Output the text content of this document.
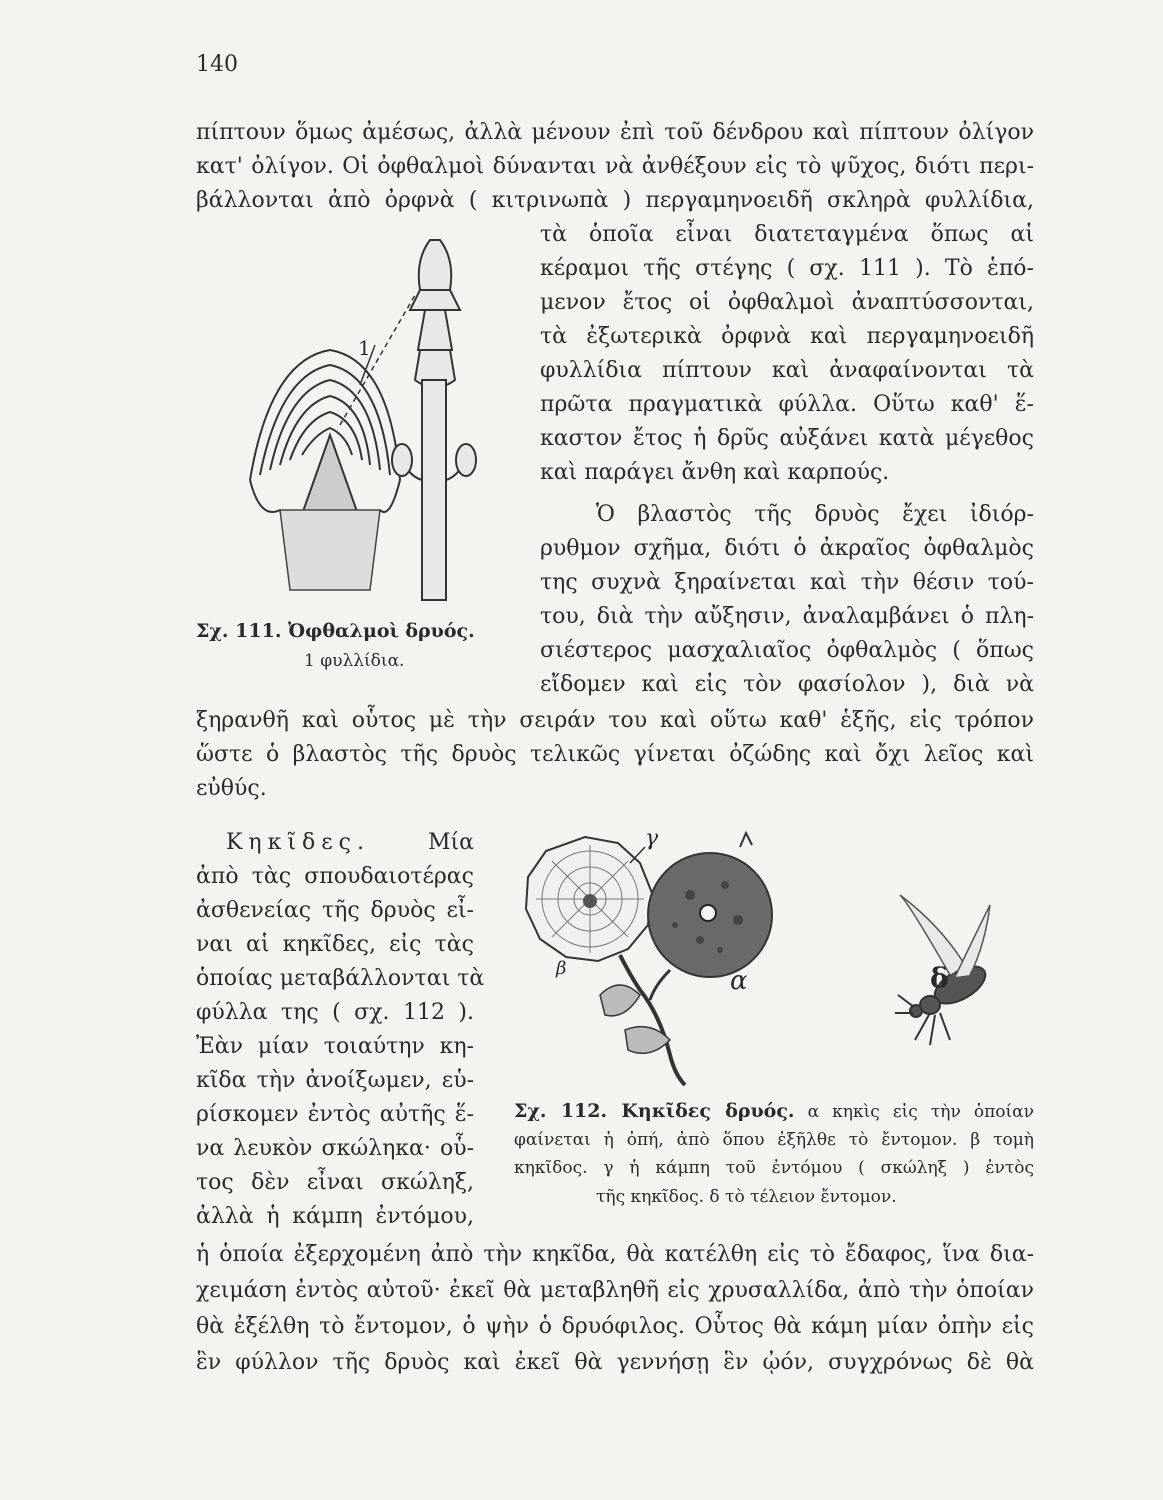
140
πίπτουν ὅμως ἀμέσως, ἀλλὰ μένουν ἐπὶ τοῦ δένδρου καὶ πίπτουν ὀλίγον
κατ' ὀλίγον. Οἱ ὀφθαλμοὶ δύνανται νὰ ἀνθέξουν εἰς τὸ ψῦχος, διότι περι-
βάλλονται ἀπὸ ὀρφνὰ ( κιτρινωπὰ ) περγαμηνοειδῆ σκληρὰ φυλλίδια,
τὰ ὁποῖα εἶναι διατεταγμένα ὅπως αἱ
κέραμοι τῆς στέγης ( σχ. 111 ). Τὸ ἑπό-
μενον ἔτος οἱ ὀφθαλμοὶ ἀναπτύσσονται,
τὰ ἐξωτερικὰ ὀρφνὰ καὶ περγαμηνοειδῆ
φυλλίδια πίπτουν καὶ ἀναφαίνονται τὰ
πρῶτα πραγματικὰ φύλλα. Οὕτω καθ' ἕ-
καστον ἔτος ἡ δρῦς αὐξάνει κατὰ μέγεθος
καὶ παράγει ἄνθη καὶ καρπούς.
Ὁ βλαστὸς τῆς δρυὸς ἔχει ἰδιόρ-
ρυθμον σχῆμα, διότι ὁ ἀκραῖος ὀφθαλμὸς
της συχνὰ ξηραίνεται καὶ τὴν θέσιν τού-
του, διὰ τὴν αὔξησιν, ἀναλαμβάνει ὁ πλη-
σιέστερος μασχαλιαῖος ὀφθαλμὸς ( ὅπως
εἴδομεν καὶ εἰς τὸν φασίολον ), διὰ νὰ
ξηρανθῆ καὶ οὗτος μὲ τὴν σειράν του καὶ οὕτω καθ' ἑξῆς, εἰς τρόπον
ὥστε ὁ βλαστὸς τῆς δρυὸς τελικῶς γίνεται ὀζώδης καὶ ὄχι λεῖος καὶ
εὐθύς.
1
Σχ. 111. Ὀφθαλμοὶ δρυός.
1 φυλλίδια.
Κηκῖδες.	Μία
ἀπὸ τὰς σπουδαιοτέρας
ἀσθενείας τῆς δρυὸς εἶ-
ναι αἱ κηκῖδες, εἰς τὰς
ὁποίας μεταβάλλονται τὰ
φύλλα της ( σχ. 112 ).
Ἐὰν μίαν τοιαύτην κη-
κῖδα τὴν ἀνοίξωμεν, εὑ-
ρίσκομεν ἐντὸς αὐτῆς ἕ-
να λευκὸν σκώληκα· οὗ-
τος δὲν εἶναι σκώληξ,
ἀλλὰ ἡ κάμπη ἐντόμου,
γ
β	α	δ
Σχ. 112. Κηκῖδες δρυός. α κηκὶς εἰς τὴν ὁποίαν
φαίνεται ἡ ὀπή, ἀπὸ ὅπου ἐξῆλθε τὸ ἔντομον. β τομὴ
κηκῖδος. γ ἡ κάμπη τοῦ ἐντόμου ( σκώληξ ) ἐντὸς
τῆς κηκῖδος. δ τὸ τέλειον ἔντομον.
ἡ ὁποία ἐξερχομένη ἀπὸ τὴν κηκῖδα, θὰ κατέλθη εἰς τὸ ἔδαφος, ἵνα δια-
χειμάση ἐντὸς αὐτοῦ· ἐκεῖ θὰ μεταβληθῆ εἰς χρυσαλλίδα, ἀπὸ τὴν ὁποίαν
θὰ ἐξέλθη τὸ ἔντομον, ὁ ψὴν ὁ δρυόφιλος. Οὗτος θὰ κάμη μίαν ὀπὴν εἰς
ἓν φύλλον τῆς δρυὸς καὶ ἐκεῖ θὰ γεννήσῃ ἓν ᾠόν, συγχρόνως δὲ θὰ
